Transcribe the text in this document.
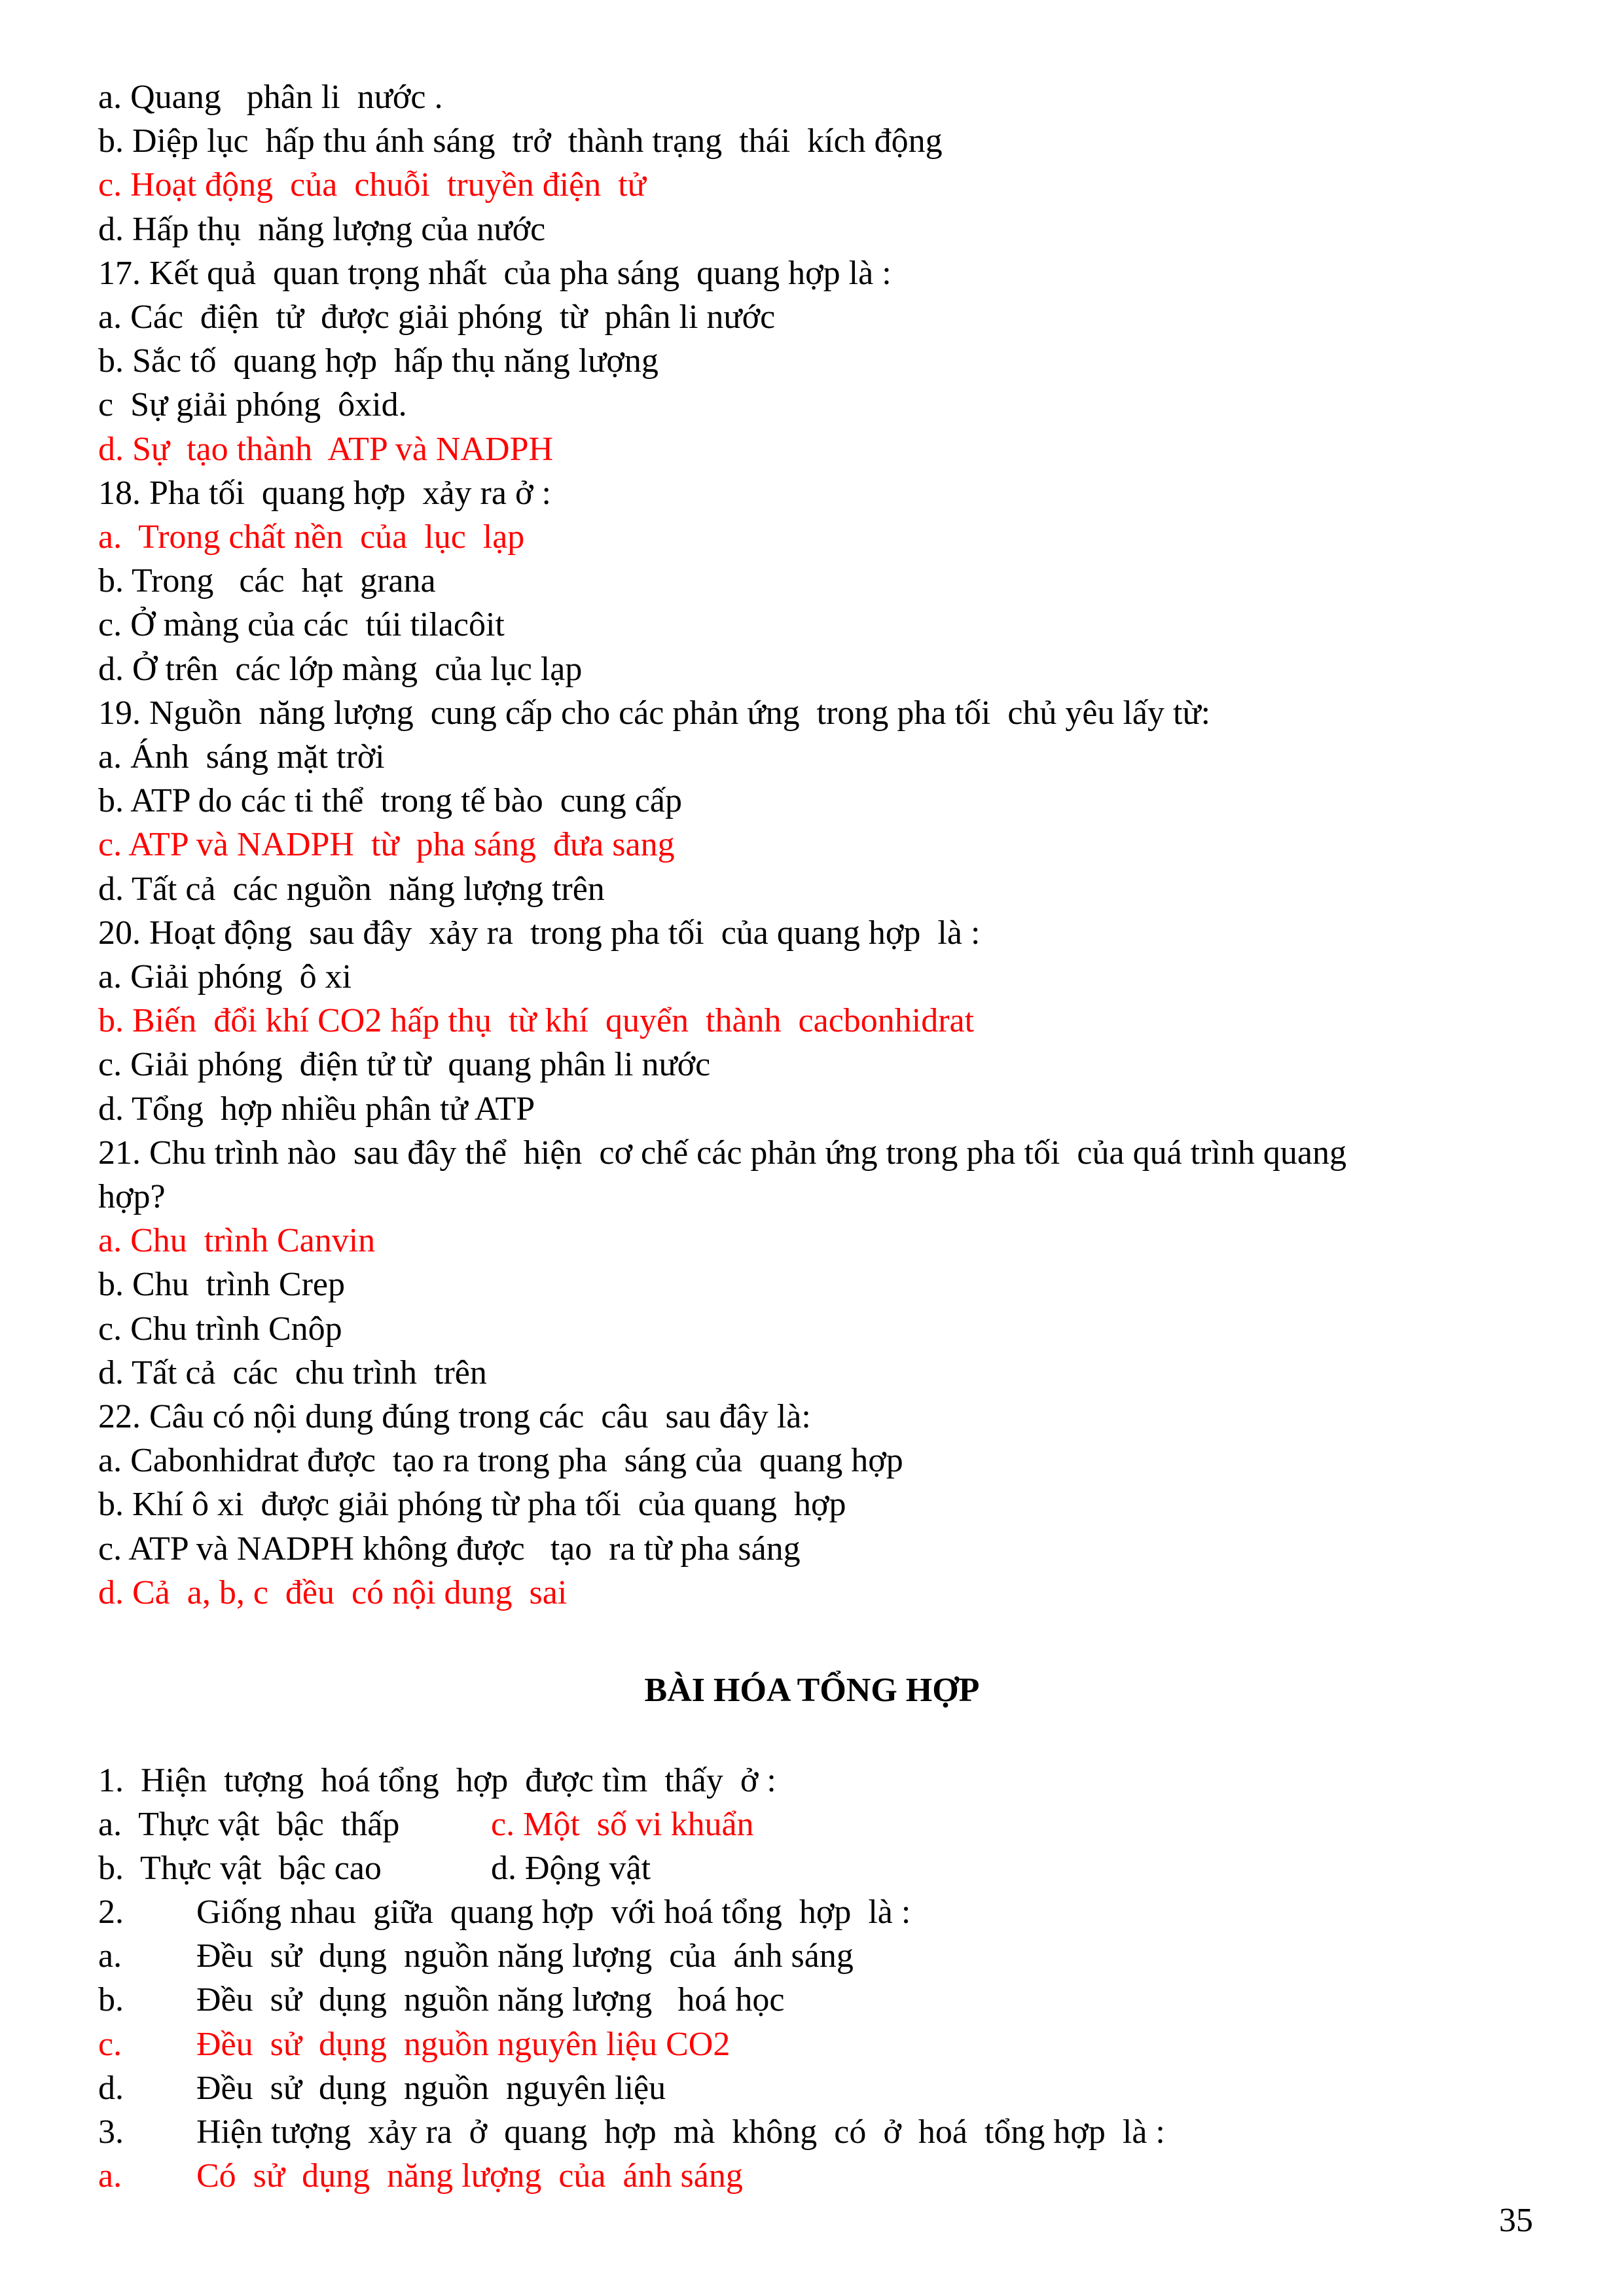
a. Quang   phân li  nước .
b. Diệp lục  hấp thu ánh sáng  trở  thành trạng  thái  kích động
c. Hoạt động  của  chuỗi  truyền điện  tử
d. Hấp thụ  năng lượng của nước
17. Kết quả  quan trọng nhất  của pha sáng  quang hợp là :
a. Các  điện  tử  được giải phóng  từ  phân li nước
b. Sắc tố  quang hợp  hấp thụ năng lượng
c  Sự giải phóng  ôxid.
d. Sự  tạo thành  ATP và NADPH
18. Pha tối  quang hợp  xảy ra ở :
a.  Trong chất nền  của  lục  lạp
b. Trong   các  hạt  grana
c. Ở màng của các  túi tilacôit
d. Ở trên  các lớp màng  của lục lạp
19. Nguồn  năng lượng  cung cấp cho các phản ứng  trong pha tối  chủ yêu lấy từ:
a. Ánh  sáng mặt trời
b. ATP do các ti thể  trong tế bào  cung cấp
c. ATP và NADPH  từ  pha sáng  đưa sang
d. Tất cả  các nguồn  năng lượng trên
20. Hoạt động  sau đây  xảy ra  trong pha tối  của quang hợp  là :
a. Giải phóng  ô xi
b. Biến  đổi khí CO2 hấp thụ  từ khí  quyển  thành  cacbonhidrat
c. Giải phóng  điện tử từ  quang phân li nước
d. Tổng  hợp nhiều phân tử ATP
21. Chu trình nào  sau đây thể  hiện  cơ chế các phản ứng trong pha tối  của quá trình quang
hợp?
a. Chu  trình Canvin
b. Chu  trình Crep
c. Chu trình Cnôp
d. Tất cả  các  chu trình  trên
22. Câu có nội dung đúng trong các  câu  sau đây là:
a. Cabonhidrat được  tạo ra trong pha  sáng của  quang hợp
b. Khí ô xi  được giải phóng từ pha tối  của quang  hợp
c. ATP và NADPH không được   tạo  ra từ pha sáng
d. Cả  a, b, c  đều  có nội dung  sai
BÀI HÓA TỔNG HỢP
1.  Hiện  tượng  hoá tổng  hợp  được tìm  thấy  ở :
a.  Thực vật  bậc  thấp	c. Một  số vi khuẩn
b.  Thực vật  bậc cao	d. Động vật
2.	Giống nhau  giữa  quang hợp  với hoá tổng  hợp  là :
a.	Đều  sử  dụng  nguồn năng lượng  của  ánh sáng
b.	Đều  sử  dụng  nguồn năng lượng   hoá học
c.	Đều  sử  dụng  nguồn nguyên liệu CO2
d.	Đều  sử  dụng  nguồn  nguyên liệu
3.	Hiện tượng  xảy ra  ở  quang  hợp  mà  không  có  ở  hoá  tổng hợp  là :
a.	Có  sử  dụng  năng lượng  của  ánh sáng
35
